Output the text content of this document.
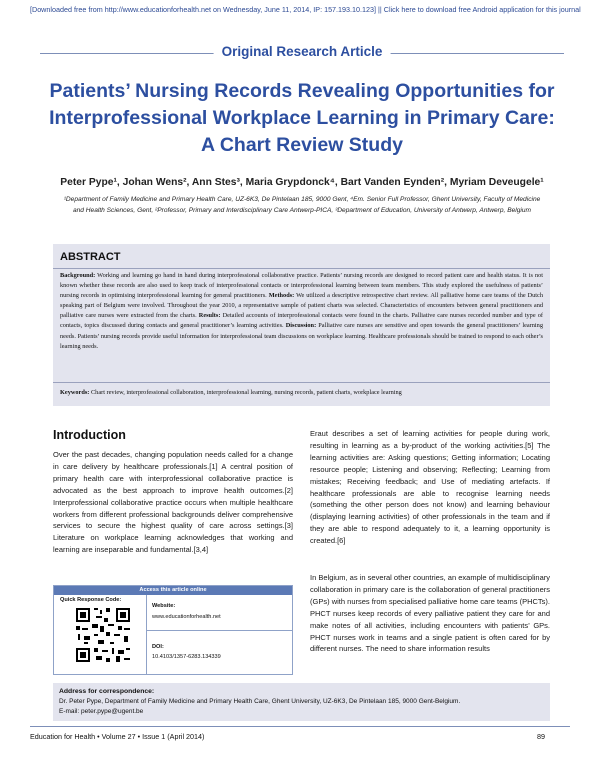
[Downloaded free from http://www.educationforhealth.net on Wednesday, June 11, 2014, IP: 157.193.10.123] || Click here to download free Android application for this journal
Original Research Article
Patients’ Nursing Records Revealing Opportunities for Interprofessional Workplace Learning in Primary Care: A Chart Review Study
Peter Pype¹, Johan Wens², Ann Stes³, Maria Grypdonck⁴, Bart Vanden Eynden², Myriam Deveugele¹
¹Department of Family Medicine and Primary Health Care, UZ-6K3, De Pintelaan 185, 9000 Gent, ⁴Em. Senior Full Professor, Ghent University, Faculty of Medicine and Health Sciences, Gent, ²Professor, Primary and Interdisciplinary Care Antwerp-PICA, ³Department of Education, University of Antwerp, Antwerp, Belgium
ABSTRACT
Background: Working and learning go hand in hand during interprofessional collaborative practice. Patients’ nursing records are designed to record patient care and health status. It is not known whether these records are also used to keep track of interprofessional contacts or interprofessional learning between team members. This study explored the usefulness of patients’ nursing records in optimising interprofessional learning for general practitioners. Methods: We utilized a descriptive retrospective chart review. All palliative home care teams of the Dutch speaking part of Belgium were involved. Throughout the year 2010, a representative sample of patient charts was selected. Characteristics of encounters between general practitioners and palliative care nurses were extracted from the charts. Results: Detailed accounts of interprofessional contacts were found in the charts. Palliative care nurses recorded number and type of contacts, topics discussed during contacts and general practitioner’s learning activities. Discussion: Palliative care nurses are sensitive and open towards the general practitioners’ learning needs. Patients’ nursing records provide useful information for interprofessional team discussions on workplace learning. Healthcare professionals should be trained to respond to each other’s learning needs.
Keywords: Chart review, interprofessional collaboration, interprofessional learning, nursing records, patient charts, workplace learning
Introduction
Over the past decades, changing population needs called for a change in care delivery by healthcare professionals.[1] A central position of primary health care with interprofessional collaborative practice is advocated as the best approach to improve health outcomes.[2] Interprofessional collaborative practice occurs when multiple healthcare workers from different professional backgrounds deliver comprehensive services to secure the highest quality of care across settings.[3] Literature on workplace learning acknowledges that working and learning are inseparable and fundamental.[3,4]
Eraut describes a set of learning activities for people during work, resulting in learning as a by-product of the working activities.[5] The learning activities are: Asking questions; Getting information; Locating resource people; Listening and observing; Reflecting; Learning from mistakes; Receiving feedback; and Use of mediating artefacts. If healthcare professionals are able to recognise learning needs (something the other person does not know) and learning behaviour (displaying learning activities) of other professionals in the team and if they are able to respond adequately to it, a learning opportunity is created.[6]
In Belgium, as in several other countries, an example of multidisciplinary collaboration in primary care is the collaboration of general practitioners (GPs) with nurses from specialised palliative home care teams (PHCTs). PHCT nurses keep records of every palliative patient they care for and make notes of all activities, including encounters with patients’ GPs. PHCT nurses work in teams and a single patient is often cared for by different nurses. The need to share information results
Access this article online
Quick Response Code:
Website:
www.educationforhealth.net
DOI:
10.4103/1357-6283.134339
Address for correspondence:
Dr. Peter Pype, Department of Family Medicine and Primary Health Care, Ghent University, UZ-6K3, De Pintelaan 185, 9000 Gent-Belgium.
E-mail: peter.pype@ugent.be
Education for Health • Volume 27 • Issue 1 (April 2014)	89
